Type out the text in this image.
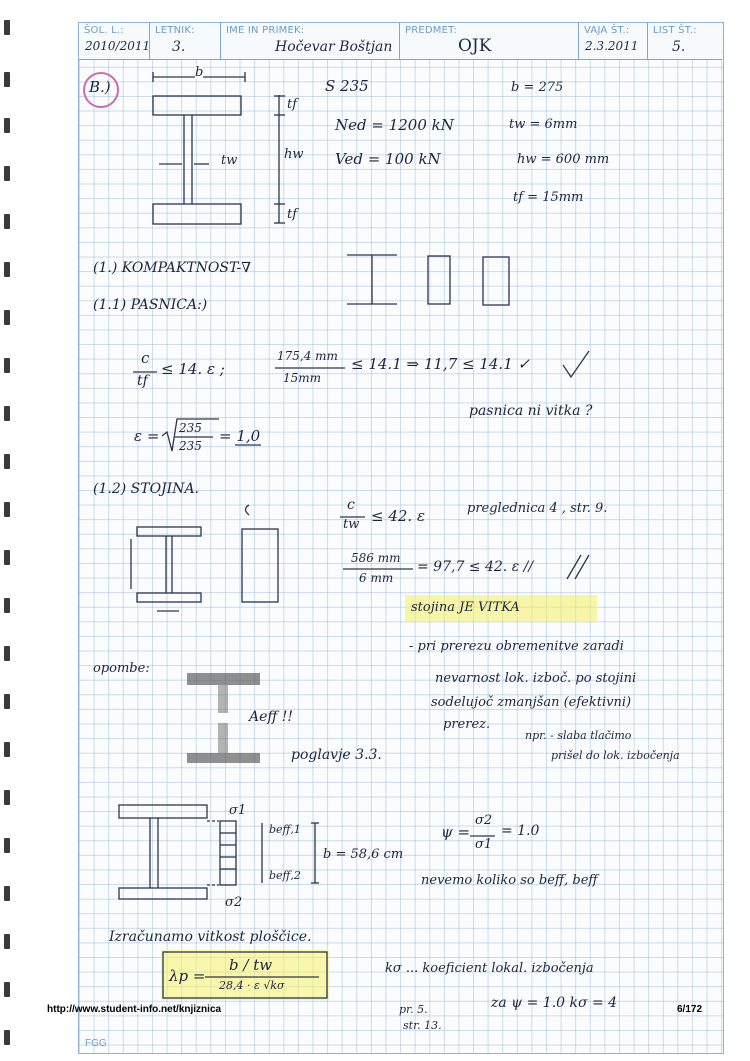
ŠOL. L.:
2010/2011
LETNIK:
3.
IME IN PRIMEK:
Hočevar Boštjan
PREDMET:
OJK
VAJA ŠT.:
2.3.2011
LIST ŠT.:
5.
B.)
b
tf
hw
tf
tw
S 235
Ned = 1200 kN
Ved = 100 kN
b = 275
tw = 6mm
hw = 600 mm
tf = 15mm
(1.) KOMPAKTNOST-∇
(1.1) PASNICA:)
c
tf
≤ 14. ε ;
175,4 mm
15mm
≤ 14.1 ⇒ 11,7 ≤ 14.1 ✓
pasnica ni vitka ?
ε = 235
235
= 1,0
(1.2) STOJINA.
c
tw ≤ 42. ε	preglednica 4 , str. 9.
586 mm
6 mm
= 97,7 ≤ 42. ε //
stojina JE VITKA
- pri prerezu obremenitve zaradi
nevarnost lok. izboč. po stojini
sodelujoč zmanjšan (efektivni)
prerez.
npr. - slaba tlačimo
prišel do lok. izbočenja
opombe:
Aeff !!
poglavje 3.3.
σ1
σ2
beff,1
beff,2
b = 58,6 cm
ψ =
σ2
σ1
= 1.0
nevemo koliko so beff, beff
Izračunamo vitkost ploščice.
λp =
b / tw
28,4 · ε √kσ
kσ ... koeficient lokal. izbočenja
pr. 5.
str. 13.
za ψ = 1.0 kσ = 4
FGG
http://www.student-info.net/knjiznica	6/172
